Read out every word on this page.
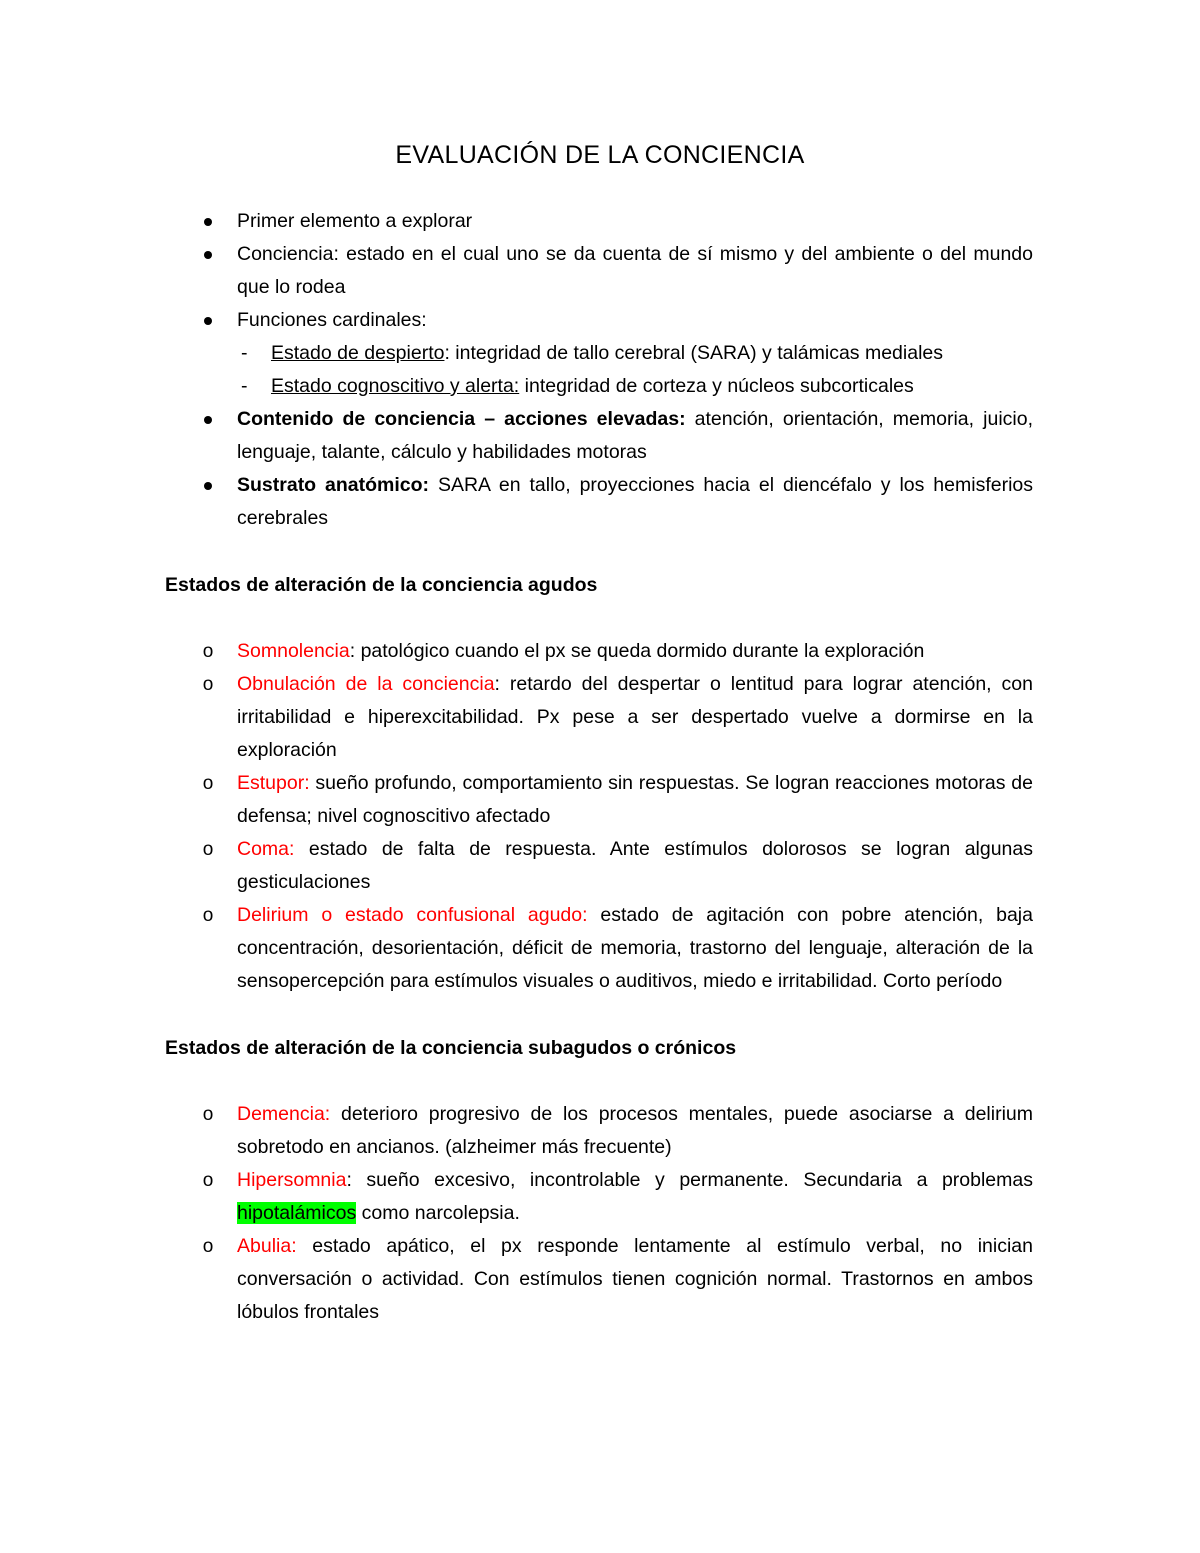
EVALUACIÓN DE LA CONCIENCIA
Primer elemento a explorar
Conciencia: estado en el cual uno se da cuenta de sí mismo y del ambiente o del mundo que lo rodea
Funciones cardinales:
- Estado de despierto: integridad de tallo cerebral (SARA) y talámicas mediales
- Estado cognoscitivo y alerta: integridad de corteza y núcleos subcorticales
Contenido de conciencia – acciones elevadas: atención, orientación, memoria, juicio, lenguaje, talante, cálculo y habilidades motoras
Sustrato anatómico: SARA en tallo, proyecciones hacia el diencéfalo y los hemisferios cerebrales
Estados de alteración de la conciencia agudos
o Somnolencia: patológico cuando el px se queda dormido durante la exploración
o Obnulación de la conciencia: retardo del despertar o lentitud para lograr atención, con irritabilidad e hiperexcitabilidad. Px pese a ser despertado vuelve a dormirse en la exploración
o Estupor: sueño profundo, comportamiento sin respuestas. Se logran reacciones motoras de defensa; nivel cognoscitivo afectado
o Coma: estado de falta de respuesta. Ante estímulos dolorosos se logran algunas gesticulaciones
o Delirium o estado confusional agudo: estado de agitación con pobre atención, baja concentración, desorientación, déficit de memoria, trastorno del lenguaje, alteración de la sensopercepción para estímulos visuales o auditivos, miedo e irritabilidad. Corto período
Estados de alteración de la conciencia subagudos o crónicos
o Demencia: deterioro progresivo de los procesos mentales, puede asociarse a delirium sobretodo en ancianos. (alzheimer más frecuente)
o Hipersomnia: sueño excesivo, incontrolable y permanente. Secundaria a problemas hipotalámicos como narcolepsia.
o Abulia: estado apático, el px responde lentamente al estímulo verbal, no inician conversación o actividad. Con estímulos tienen cognición normal. Trastornos en ambos lóbulos frontales
